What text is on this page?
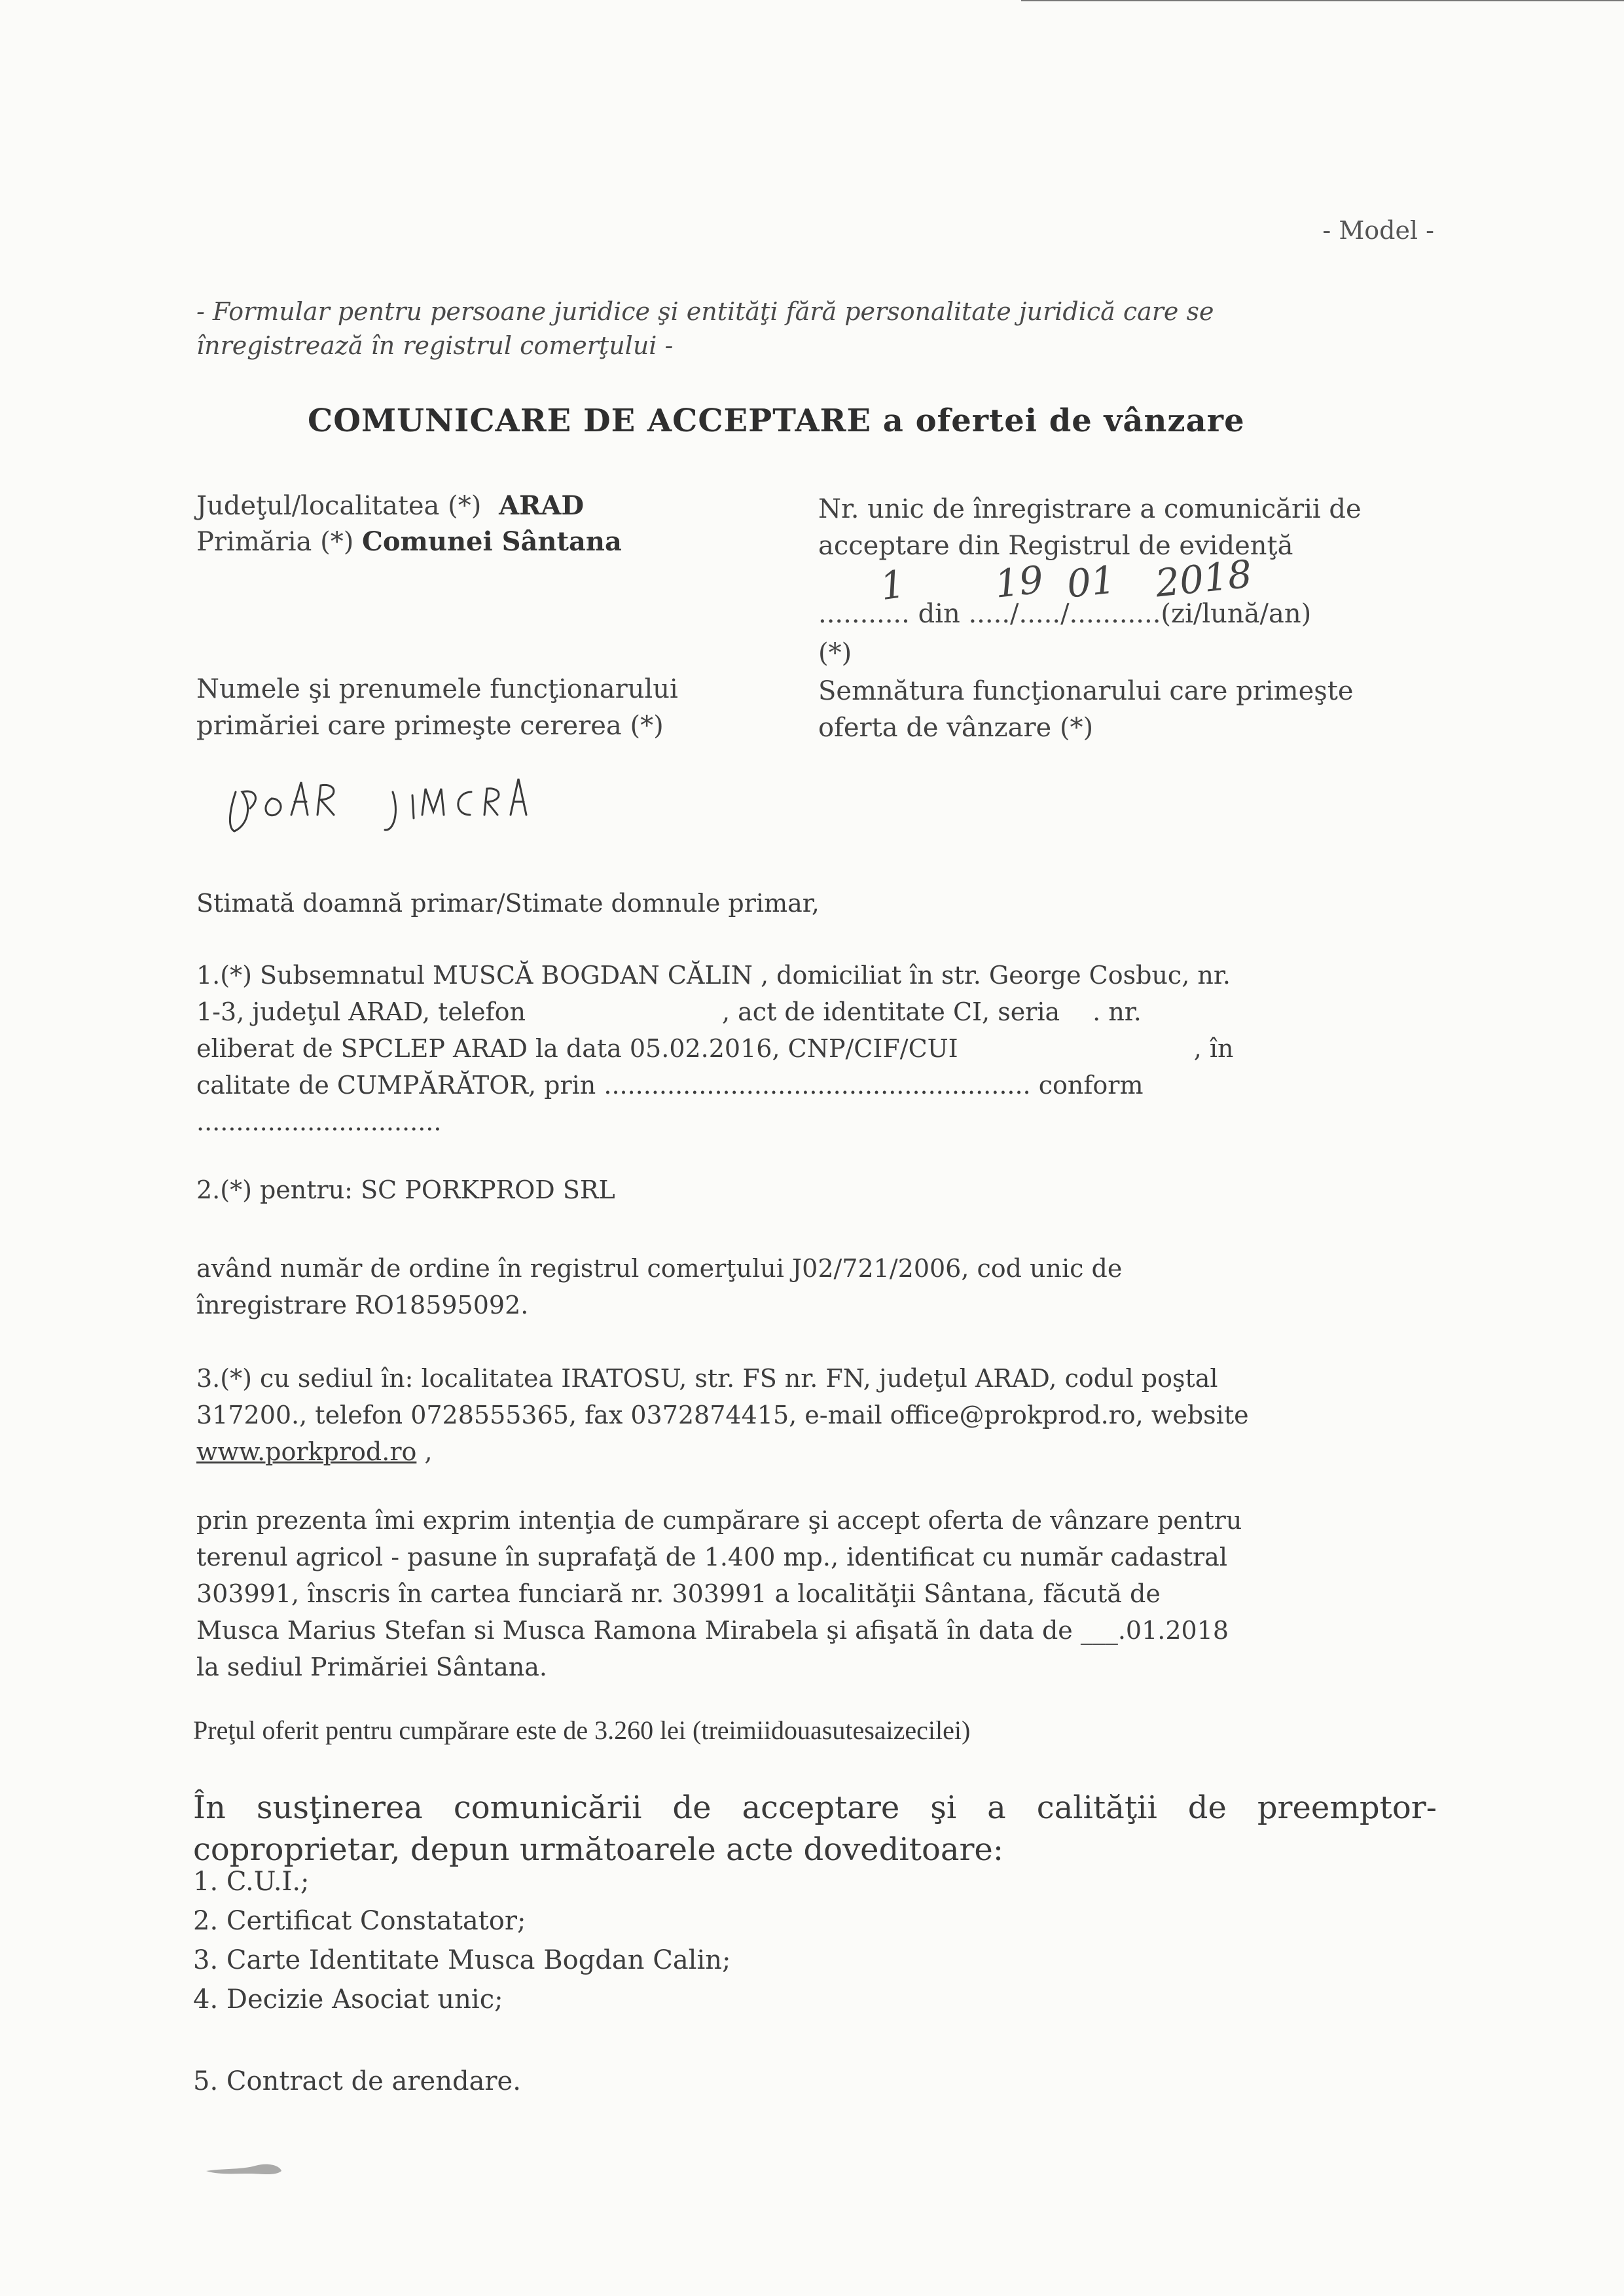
- Model -
- Formular pentru persoane juridice şi entităţi fără personalitate juridică care se
înregistrează în registrul comerţului -
COMUNICARE DE ACCEPTARE a ofertei de vânzare
Judeţul/localitatea (*) ARAD
Primăria (*) Comunei Sântana
Numele şi prenumele funcţionarului
primăriei care primeşte cererea (*)
Nr. unic de înregistrare a comunicării de
acceptare din Registrul de evidenţă
........... din ...../...../...........(zi/lună/an)
(*)
1 19 01 2018
Semnătura funcţionarului care primeşte
oferta de vânzare (*)
Stimată doamnă primar/Stimate domnule primar,
1.(*) Subsemnatul MUSCĂ BOGDAN CĂLIN , domiciliat în str. George Cosbuc, nr.
1-3, judeţul ARAD, telefon	, act de identitate CI, seria . nr.
eliberat de SPCLEP ARAD la data 05.02.2016, CNP/CIF/CUI	, în
calitate de CUMPĂRĂTOR, prin ...................................................... conform
...............................
2.(*) pentru: SC PORKPROD SRL
având număr de ordine în registrul comerţului J02/721/2006, cod unic de
înregistrare RO18595092.
3.(*) cu sediul în: localitatea IRATOSU, str. FS nr. FN, judeţul ARAD, codul poştal
317200., telefon 0728555365, fax 0372874415, e-mail office@prokprod.ro, website
www.porkprod.ro ,
prin prezenta îmi exprim intenţia de cumpărare şi accept oferta de vânzare pentru
terenul agricol - pasune în suprafaţă de 1.400 mp., identificat cu număr cadastral
303991, înscris în cartea funciară nr. 303991 a localităţii Sântana, făcută de
Musca Marius Stefan si Musca Ramona Mirabela şi afişată în data de ___.01.2018
la sediul Primăriei Sântana.
Preţul oferit pentru cumpărare este de 3.260 lei (treimiidouasutesaizecilei)
În susţinerea comunicării de acceptare şi a calităţii de preemptor-
coproprietar, depun următoarele acte doveditoare:
1. C.U.I.;
2. Certificat Constatator;
3. Carte Identitate Musca Bogdan Calin;
4. Decizie Asociat unic;
5. Contract de arendare.
